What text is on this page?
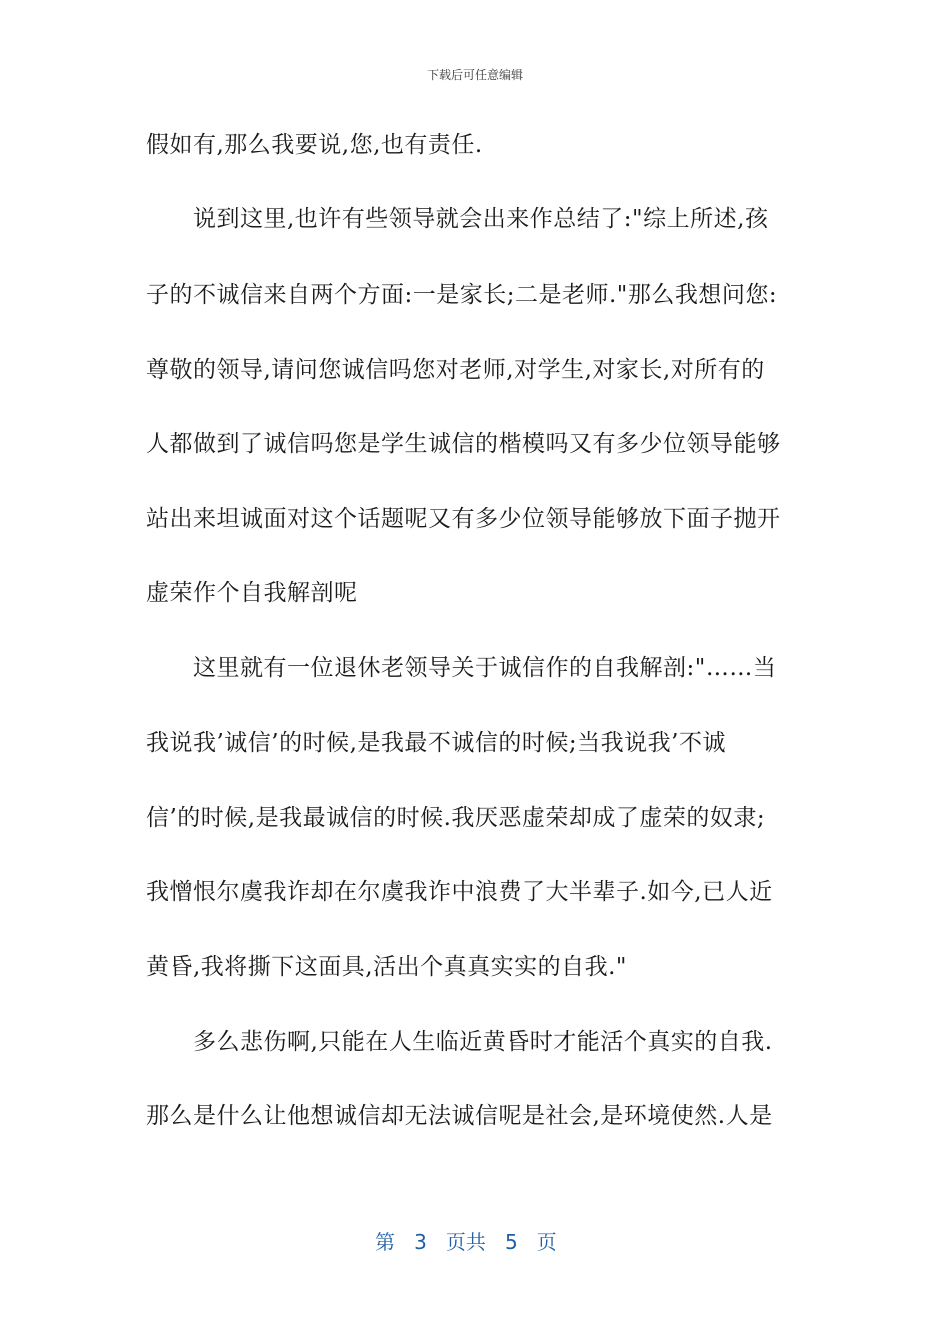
下载后可任意编辑
假如有,那么我要说,您,也有责任.
　　说到这里,也许有些领导就会出来作总结了:"综上所述,孩
子的不诚信来自两个方面:一是家长;二是老师."那么我想问您:
尊敬的领导,请问您诚信吗您对老师,对学生,对家长,对所有的
人都做到了诚信吗您是学生诚信的楷模吗又有多少位领导能够
站出来坦诚面对这个话题呢又有多少位领导能够放下面子抛开
虚荣作个自我解剖呢
　　这里就有一位退休老领导关于诚信作的自我解剖:"……当
我说我’诚信’的时候,是我最不诚信的时候;当我说我’不诚
信’的时候,是我最诚信的时候.我厌恶虚荣却成了虚荣的奴隶;
我憎恨尔虞我诈却在尔虞我诈中浪费了大半辈子.如今,已人近
黄昏,我将撕下这面具,活出个真真实实的自我."
　　多么悲伤啊,只能在人生临近黄昏时才能活个真实的自我.
那么是什么让他想诚信却无法诚信呢是社会,是环境使然.人是
第 3 页共 5 页
